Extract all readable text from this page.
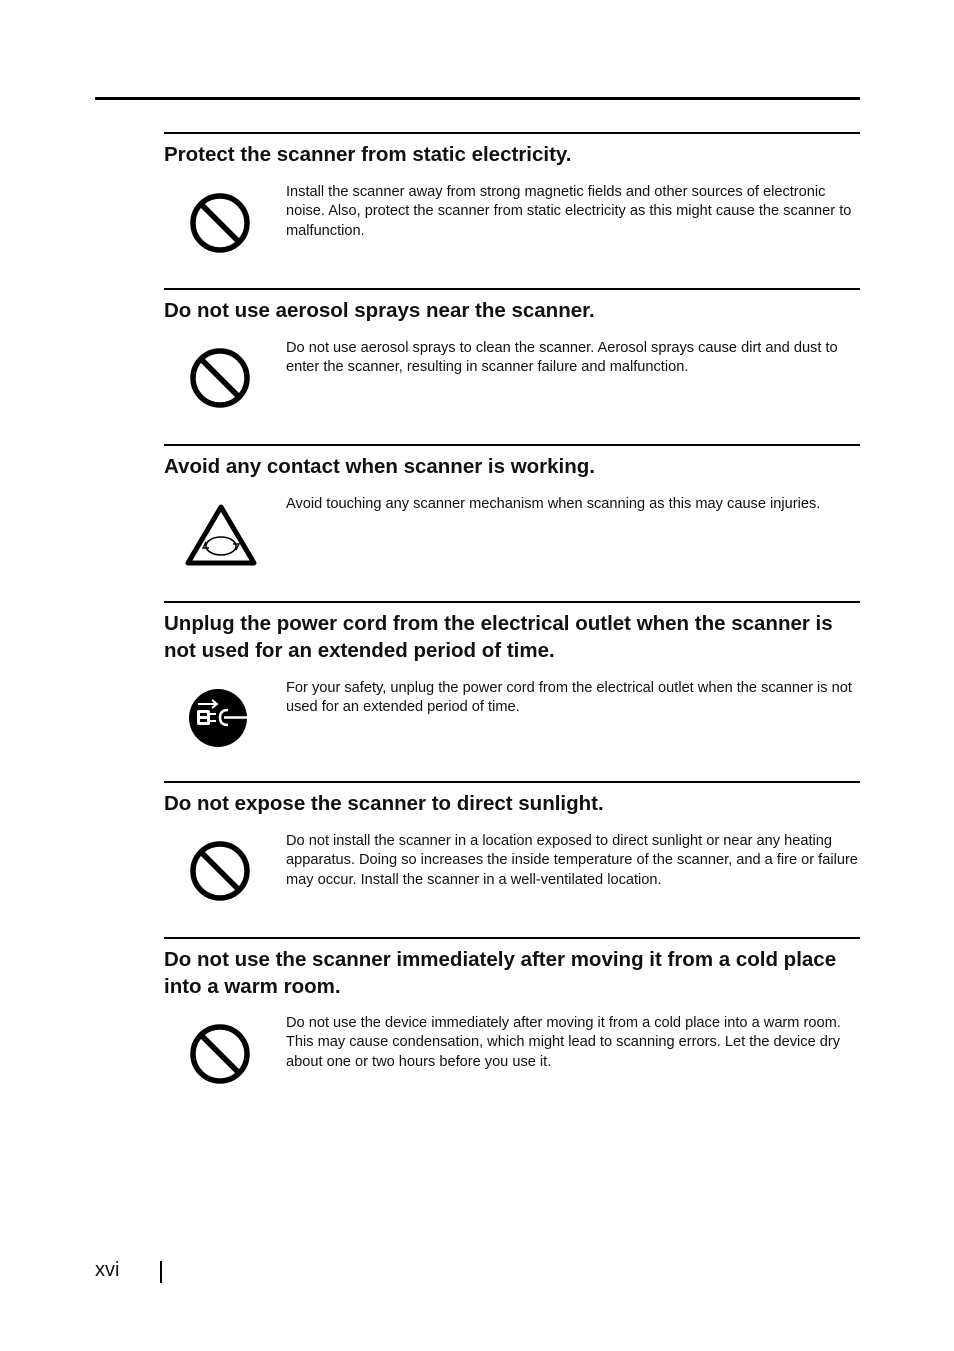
Protect the scanner from static electricity.

Install the scanner away from strong magnetic fields and other sources of electronic noise. Also, protect the scanner from static electricity as this might cause the scanner to malfunction.

Do not use aerosol sprays near the scanner.

Do not use aerosol sprays to clean the scanner. Aerosol sprays cause dirt and dust to enter the scanner, resulting in scanner failure and malfunction.

Avoid any contact when scanner is working.

Avoid touching any scanner mechanism when scanning as this may cause injuries.

Unplug the power cord from the electrical outlet when the scanner is not used for an extended period of time.

For your safety, unplug the power cord from the electrical outlet when the scanner is not used for an extended period of time.

Do not expose the scanner to direct sunlight.

Do not install the scanner in a location exposed to direct sunlight or near any heating apparatus. Doing so increases the inside temperature of the scanner, and a fire or failure may occur. Install the scanner in a well-ventilated location.

Do not use the scanner immediately after moving it from a cold place into a warm room.

Do not use the device immediately after moving it from a cold place into a warm room. This may cause condensation, which might lead to scanning errors. Let the device dry about one or two hours before you use it.

xvi
